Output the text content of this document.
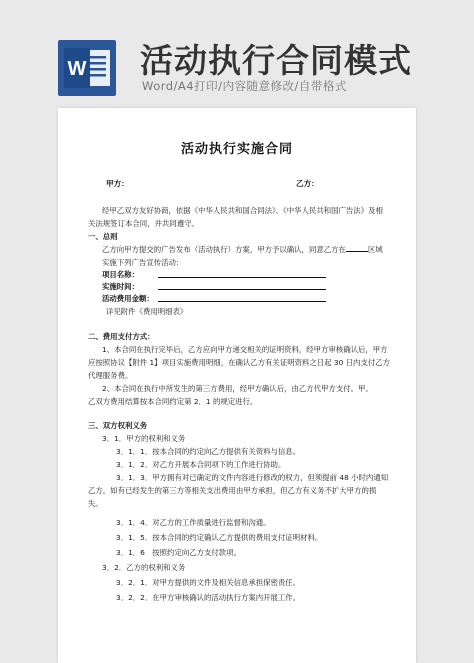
W 活动执行合同模式
Word/A4打印/内容随意修改/自带格式
活动执行实施合同
甲方：	乙方：
经甲乙双方友好协商，依据《中华人民共和国合同法》、《中华人民共和国广告法》及相
关法规签订本合同，并共同遵守。
一、总则
乙方向甲方提交的广告发布（活动执行）方案，甲方予以确认，同意乙方在	区域
实施下列广告宣传活动：
项目名称：
实施时间：
活动费用金额：
详见附件《费用明细表》
二、费用支付方式：
1、本合同在执行完毕后，乙方应向甲方递交相关的证明资料，经甲方审核确认后，甲方
应按照协议【附件 1】项目实施费用明细，在确认乙方有关证明资料之日起 30 日内支付乙方
代理服务费。
2、本合同在执行中所发生的第三方费用，经甲方确认后，由乙方代甲方支付。甲、
乙双方费用结算按本合同约定第 2．1 的规定进行。
三、双方权利义务
3．1．甲方的权利和义务
3．1．1．按本合同的约定向乙方提供有关资料与信息。
3．1．2．对乙方开展本合同项下的工作进行协助。
3．1．3．甲方拥有对已确定的文件内容进行修改的权力，但须提前 48 小时内通知
乙方，如有已经发生的第三方等相关支出费用由甲方承担，但乙方有义务不扩大甲方的损
失。
3．1．4．对乙方的工作质量进行监督和沟通。
3．1．5．按本合同的约定确认乙方提供的费用支付证明材料。
3．1．6　按照约定向乙方支付款项。
3．2．乙方的权利和义务
3．2．1．对甲方提供的文件及相关信息承担保密责任。
3．2．2．在甲方审核确认的活动执行方案内开展工作。
